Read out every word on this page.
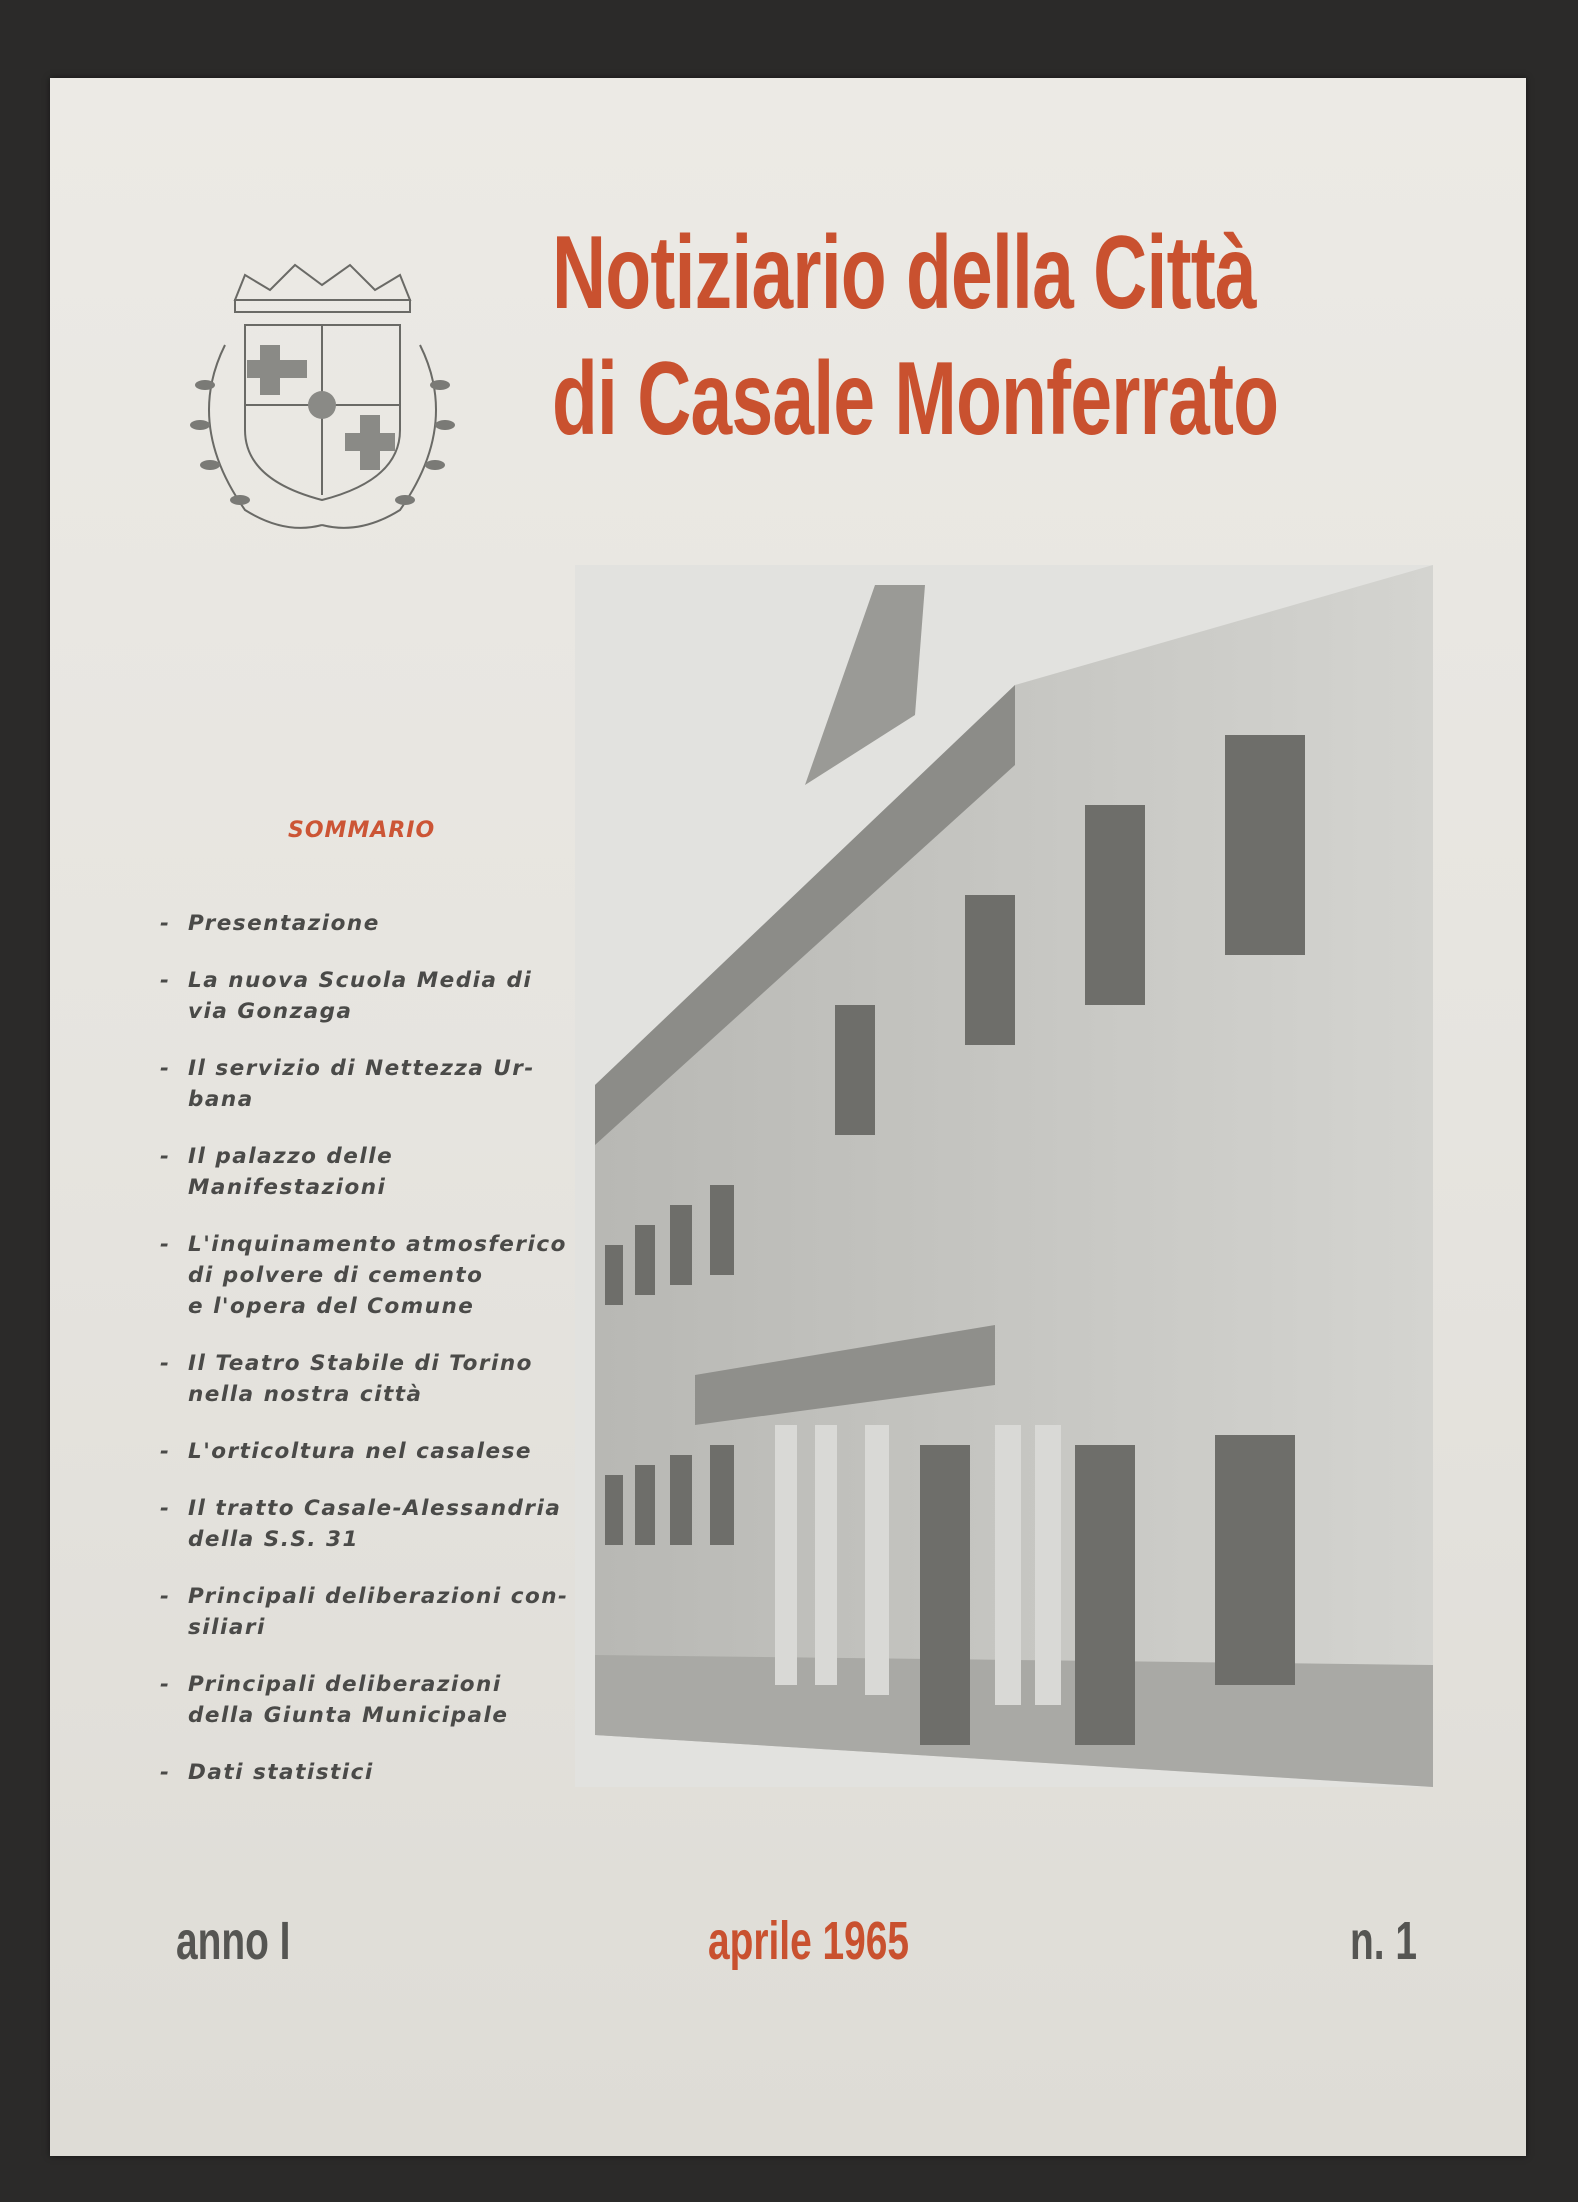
Notiziario della Città
di Casale Monferrato
SOMMARIO
- Presentazione
- La nuova Scuola Media di
via Gonzaga
- Il servizio di Nettezza Ur-
bana
- Il palazzo delle Manifestazioni
- L'inquinamento atmosferico
di polvere di cemento
e l'opera del Comune
- Il Teatro Stabile di Torino
nella nostra città
- L'orticoltura nel casalese
- Il tratto Casale-Alessandria
della S.S. 31
- Principali deliberazioni con-
siliari
- Principali deliberazioni
della Giunta Municipale
- Dati statistici
anno I	aprile 1965	n. 1
